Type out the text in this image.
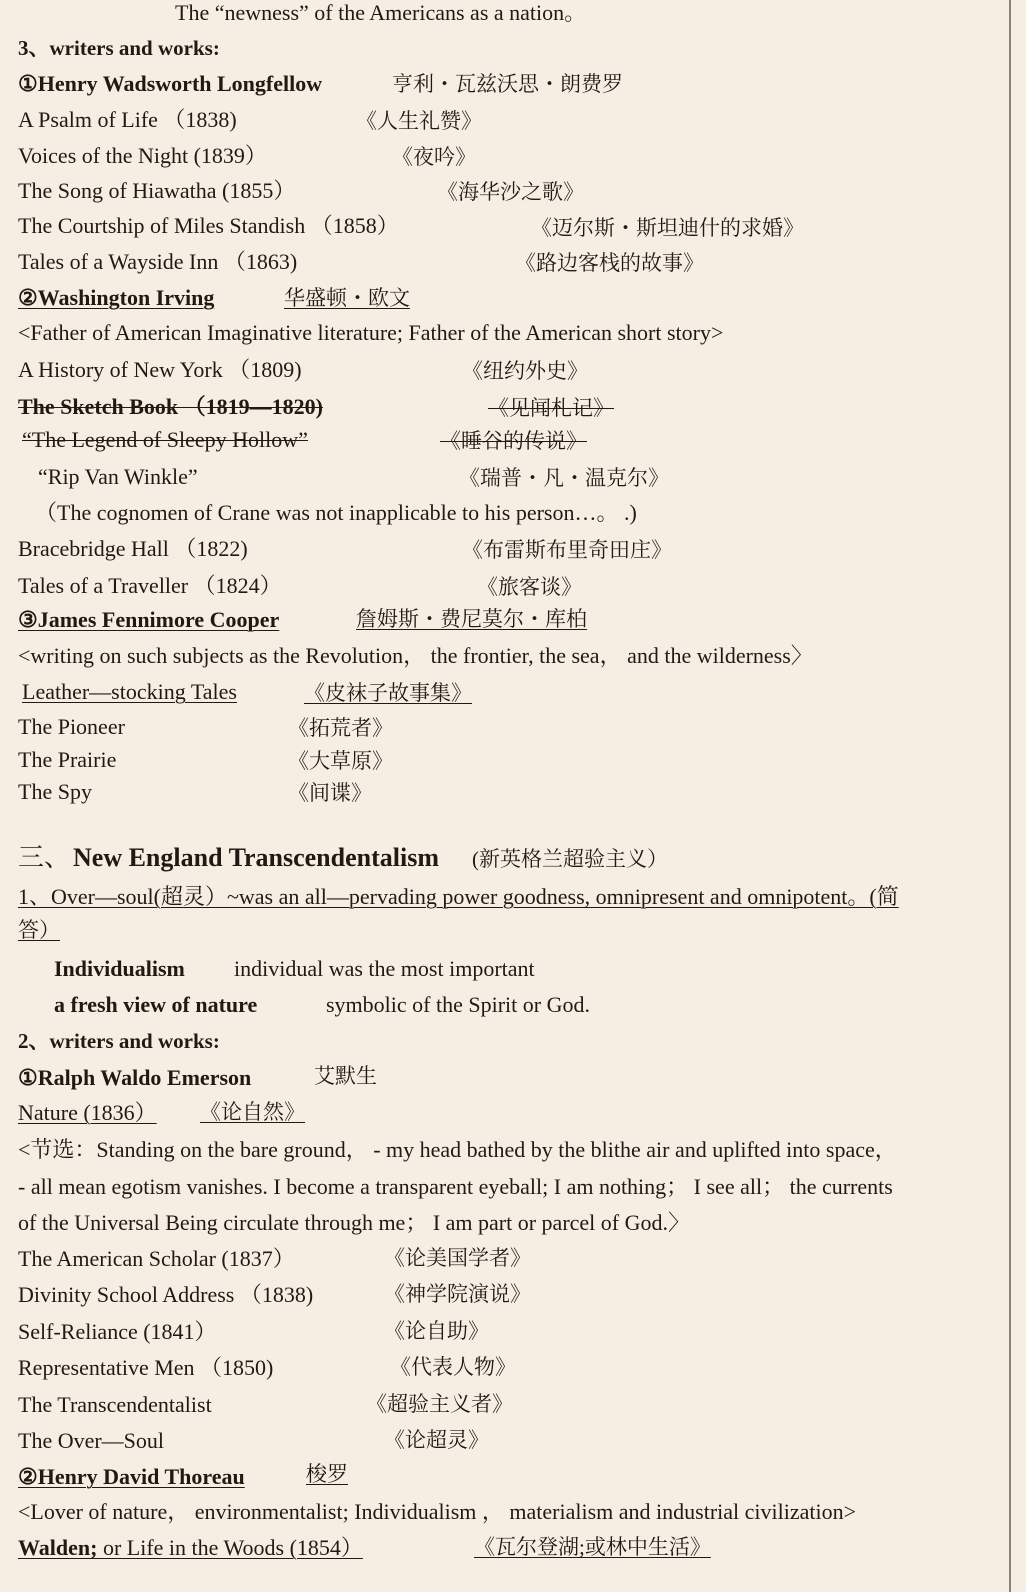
The “newness” of the Americans as a nation。
3、writers and works:
①Henry Wadsworth Longfellow	亨利・瓦兹沃思・朗费罗
A Psalm of Life （1838)	《人生礼赞》
Voices of the Night (1839）	《夜吟》
The Song of Hiawatha (1855）	《海华沙之歌》
The Courtship of Miles Standish （1858）	《迈尔斯・斯坦迪什的求婚》
Tales of a Wayside Inn （1863)	《路边客栈的故事》
②Washington Irving	华盛顿・欧文
<Father of American Imaginative literature; Father of the American short story>
A History of New York （1809)	《纽约外史》
The Sketch Book （1819—1820)	《见闻札记》
“The Legend of Sleepy Hollow”	《睡谷的传说》
“Rip Van Winkle”	《瑞普・凡・温克尔》
（The cognomen of Crane was not inapplicable to his person…。 .)
Bracebridge Hall （1822)	《布雷斯布里奇田庄》
Tales of a Traveller （1824）	《旅客谈》
③James Fennimore Cooper	詹姆斯・费尼莫尔・库柏
<writing on such subjects as the Revolution， the frontier, the sea， and the wilderness〉
Leather—stocking Tales	《皮袜子故事集》
The Pioneer	《拓荒者》
The Prairie	《大草原》
The Spy	《间谍》
三、 New England Transcendentalism (新英格兰超验主义）
1、Over—soul(超灵）~was an all—pervading power goodness, omnipresent and omnipotent。(简
答）
Individualism individual was the most important
a fresh view of nature	symbolic of the Spirit or God.
2、writers and works:
①Ralph Waldo Emerson	艾默生
Nature (1836） 《论自然》
<节选：Standing on the bare ground， - my head bathed by the blithe air and uplifted into space，
- all mean egotism vanishes. I become a transparent eyeball; I am nothing； I see all； the currents
of the Universal Being circulate through me； I am part or parcel of God.〉
The American Scholar (1837）	《论美国学者》
Divinity School Address （1838)	《神学院演说》
Self-Reliance (1841）	《论自助》
Representative Men （1850)	《代表人物》
The Transcendentalist	《超验主义者》
The Over—Soul	《论超灵》
②Henry David Thoreau	梭罗
<Lover of nature， environmentalist; Individualism ， materialism and industrial civilization>
Walden; or Life in the Woods (1854）	《瓦尔登湖;或林中生活》
